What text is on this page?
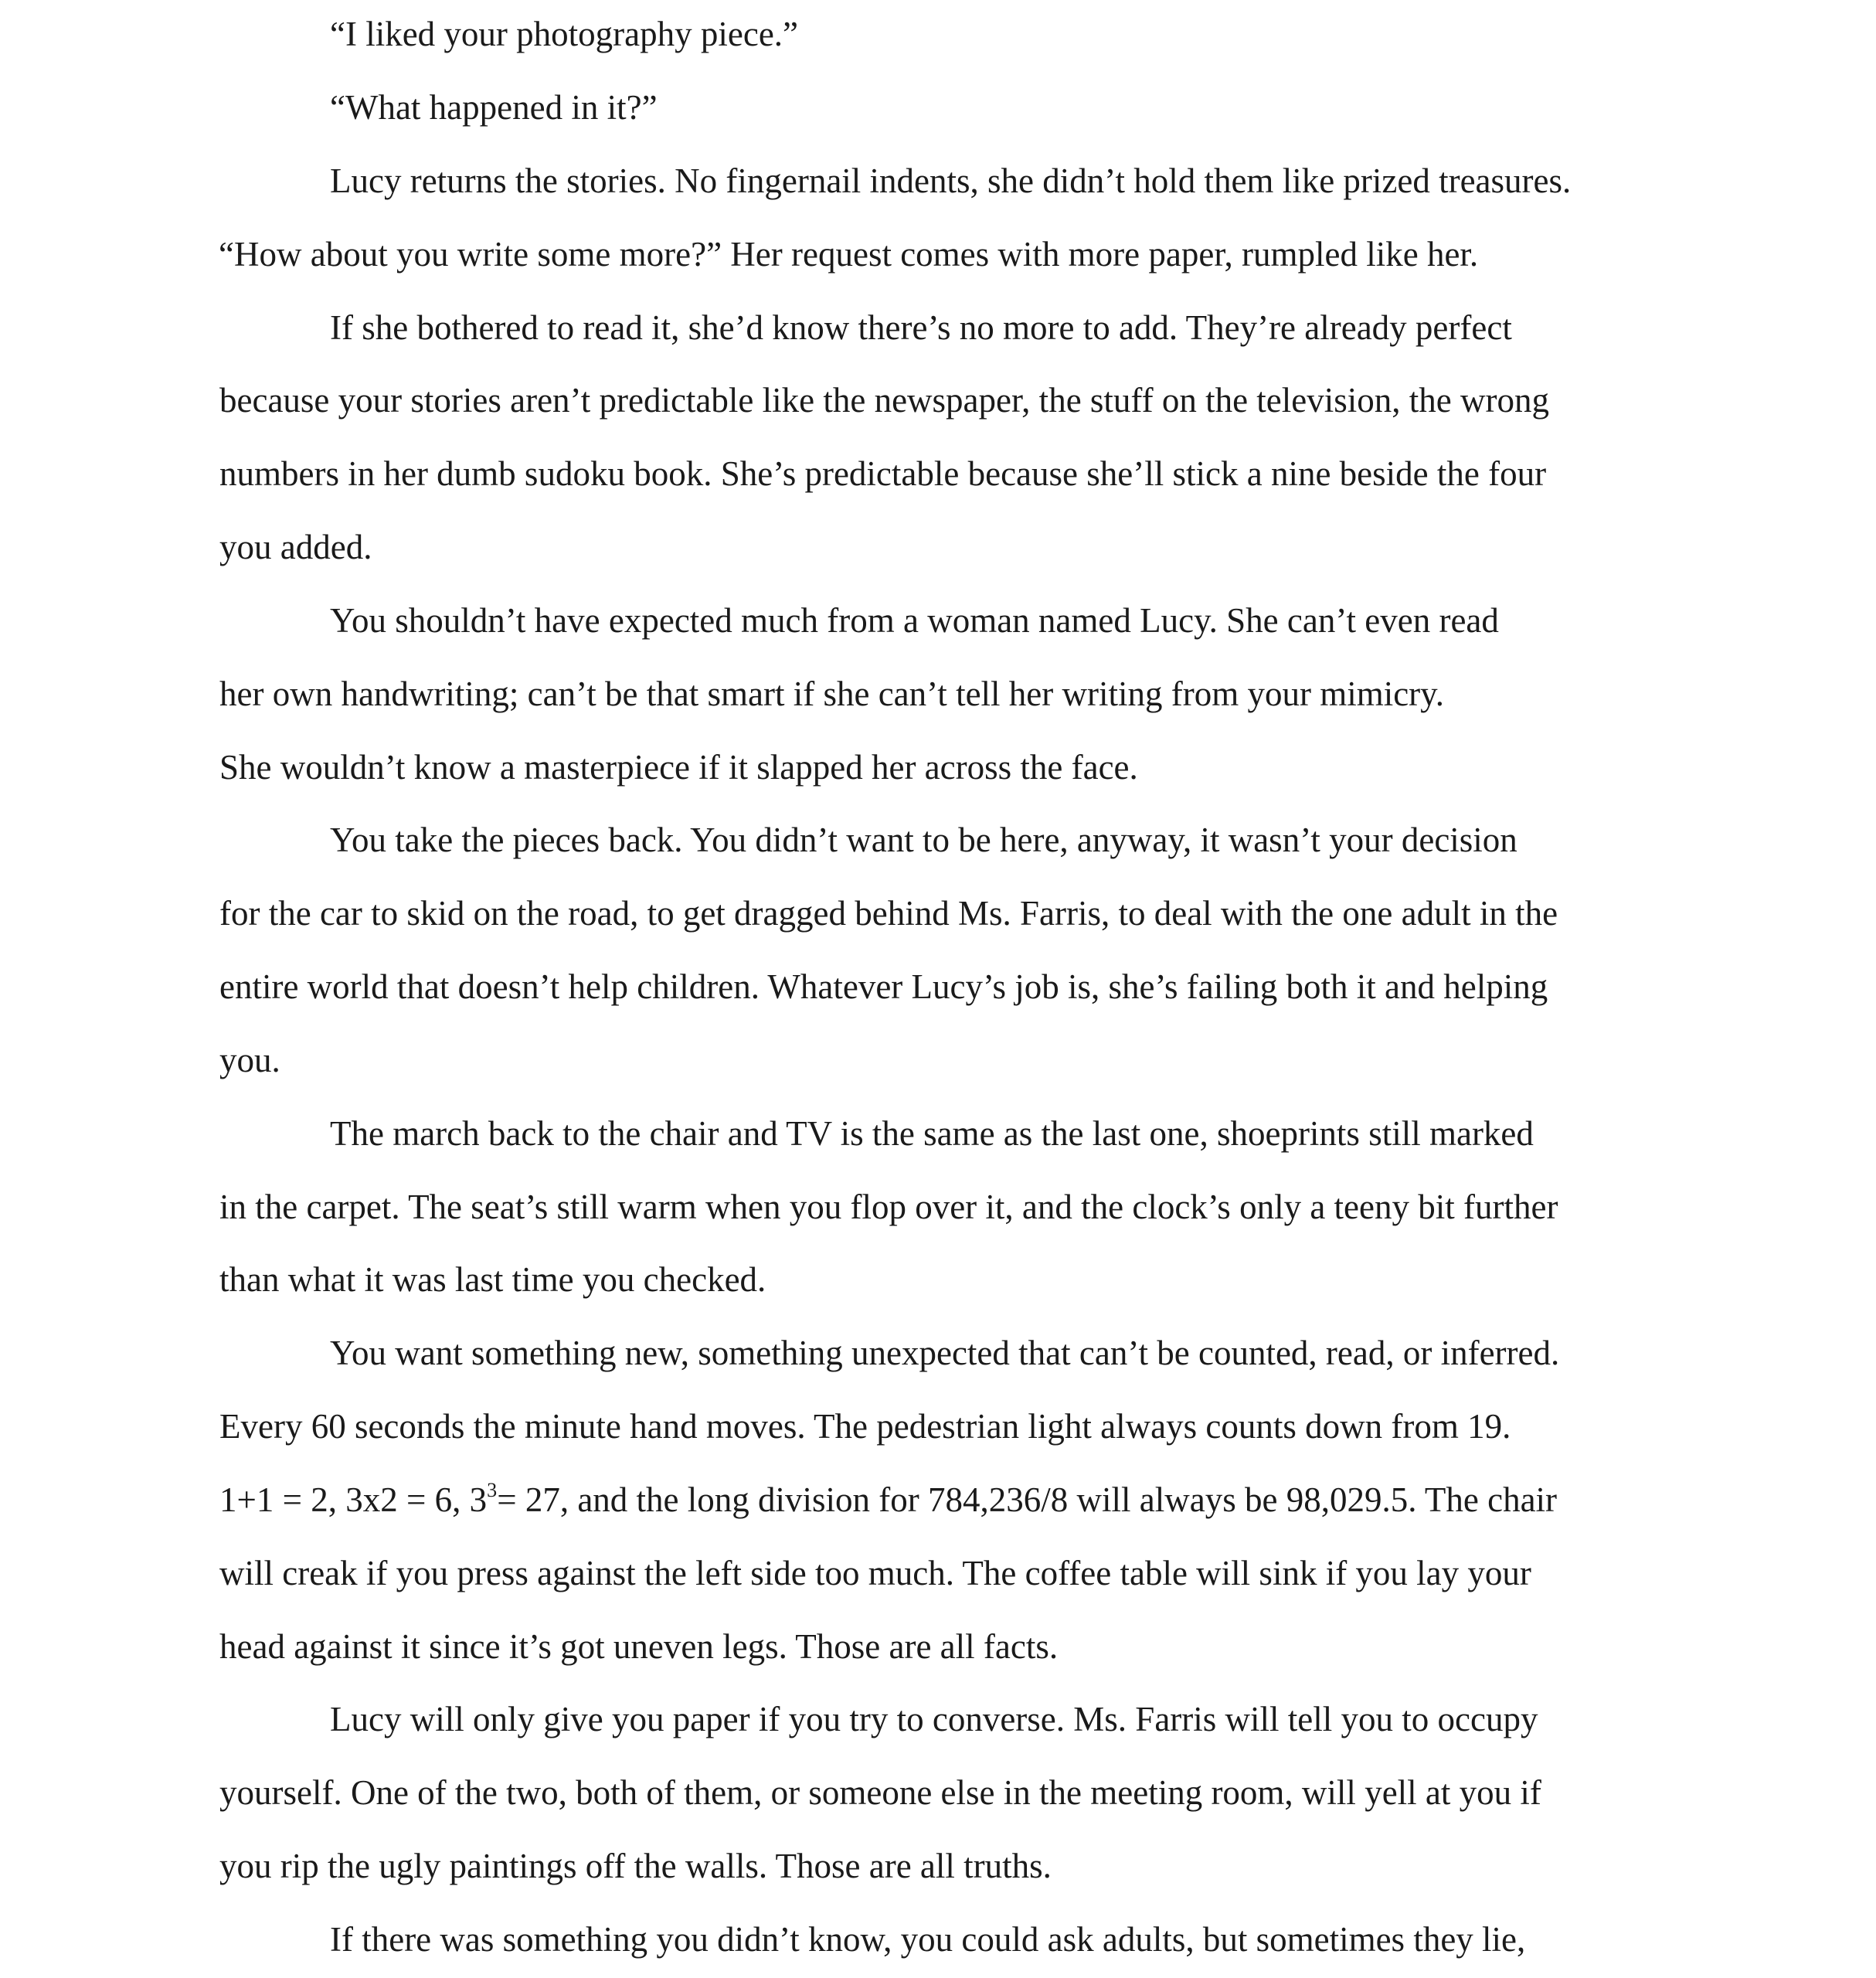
“I liked your photography piece.”
“What happened in it?”
Lucy returns the stories. No fingernail indents, she didn’t hold them like prized treasures.
“How about you write some more?” Her request comes with more paper, rumpled like her.
If she bothered to read it, she’d know there’s no more to add. They’re already perfect
because your stories aren’t predictable like the newspaper, the stuff on the television, the wrong
numbers in her dumb sudoku book. She’s predictable because she’ll stick a nine beside the four
you added.
You shouldn’t have expected much from a woman named Lucy. She can’t even read
her own handwriting; can’t be that smart if she can’t tell her writing from your mimicry.
She wouldn’t know a masterpiece if it slapped her across the face.
You take the pieces back. You didn’t want to be here, anyway, it wasn’t your decision
for the car to skid on the road, to get dragged behind Ms. Farris, to deal with the one adult in the
entire world that doesn’t help children. Whatever Lucy’s job is, she’s failing both it and helping
you.
The march back to the chair and TV is the same as the last one, shoeprints still marked
in the carpet. The seat’s still warm when you flop over it, and the clock’s only a teeny bit further
than what it was last time you checked.
You want something new, something unexpected that can’t be counted, read, or inferred.
Every 60 seconds the minute hand moves. The pedestrian light always counts down from 19.
1+1 = 2, 3x2 = 6, $3^3= 27$, and the long division for 784,236/8 will always be 98,029.5. The chair
will creak if you press against the left side too much. The coffee table will sink if you lay your
head against it since it’s got uneven legs. Those are all facts.
Lucy will only give you paper if you try to converse. Ms. Farris will tell you to occupy
yourself. One of the two, both of them, or someone else in the meeting room, will yell at you if
you rip the ugly paintings off the walls. Those are all truths.
If there was something you didn’t know, you could ask adults, but sometimes they lie,
